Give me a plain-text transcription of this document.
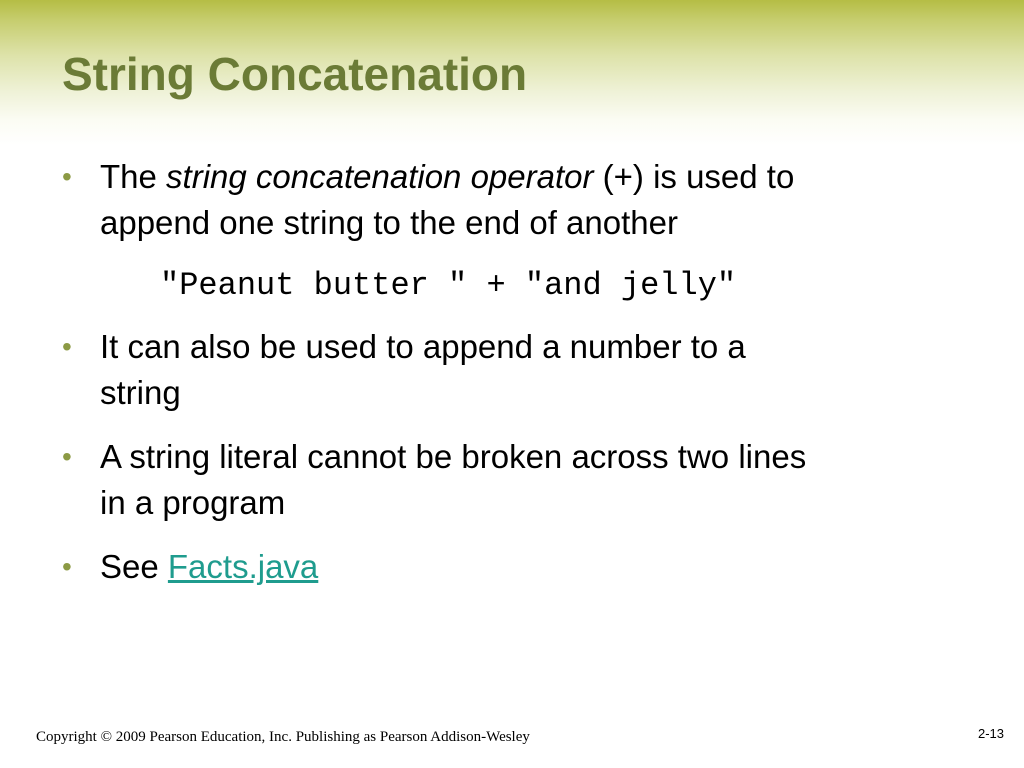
String Concatenation
• The string concatenation operator (+) is used to
append one string to the end of another
"Peanut butter " + "and jelly"
• It can also be used to append a number to a
string
• A string literal cannot be broken across two lines
in a program
• See Facts.java
Copyright © 2009 Pearson Education, Inc. Publishing as Pearson Addison-Wesley	2-13
